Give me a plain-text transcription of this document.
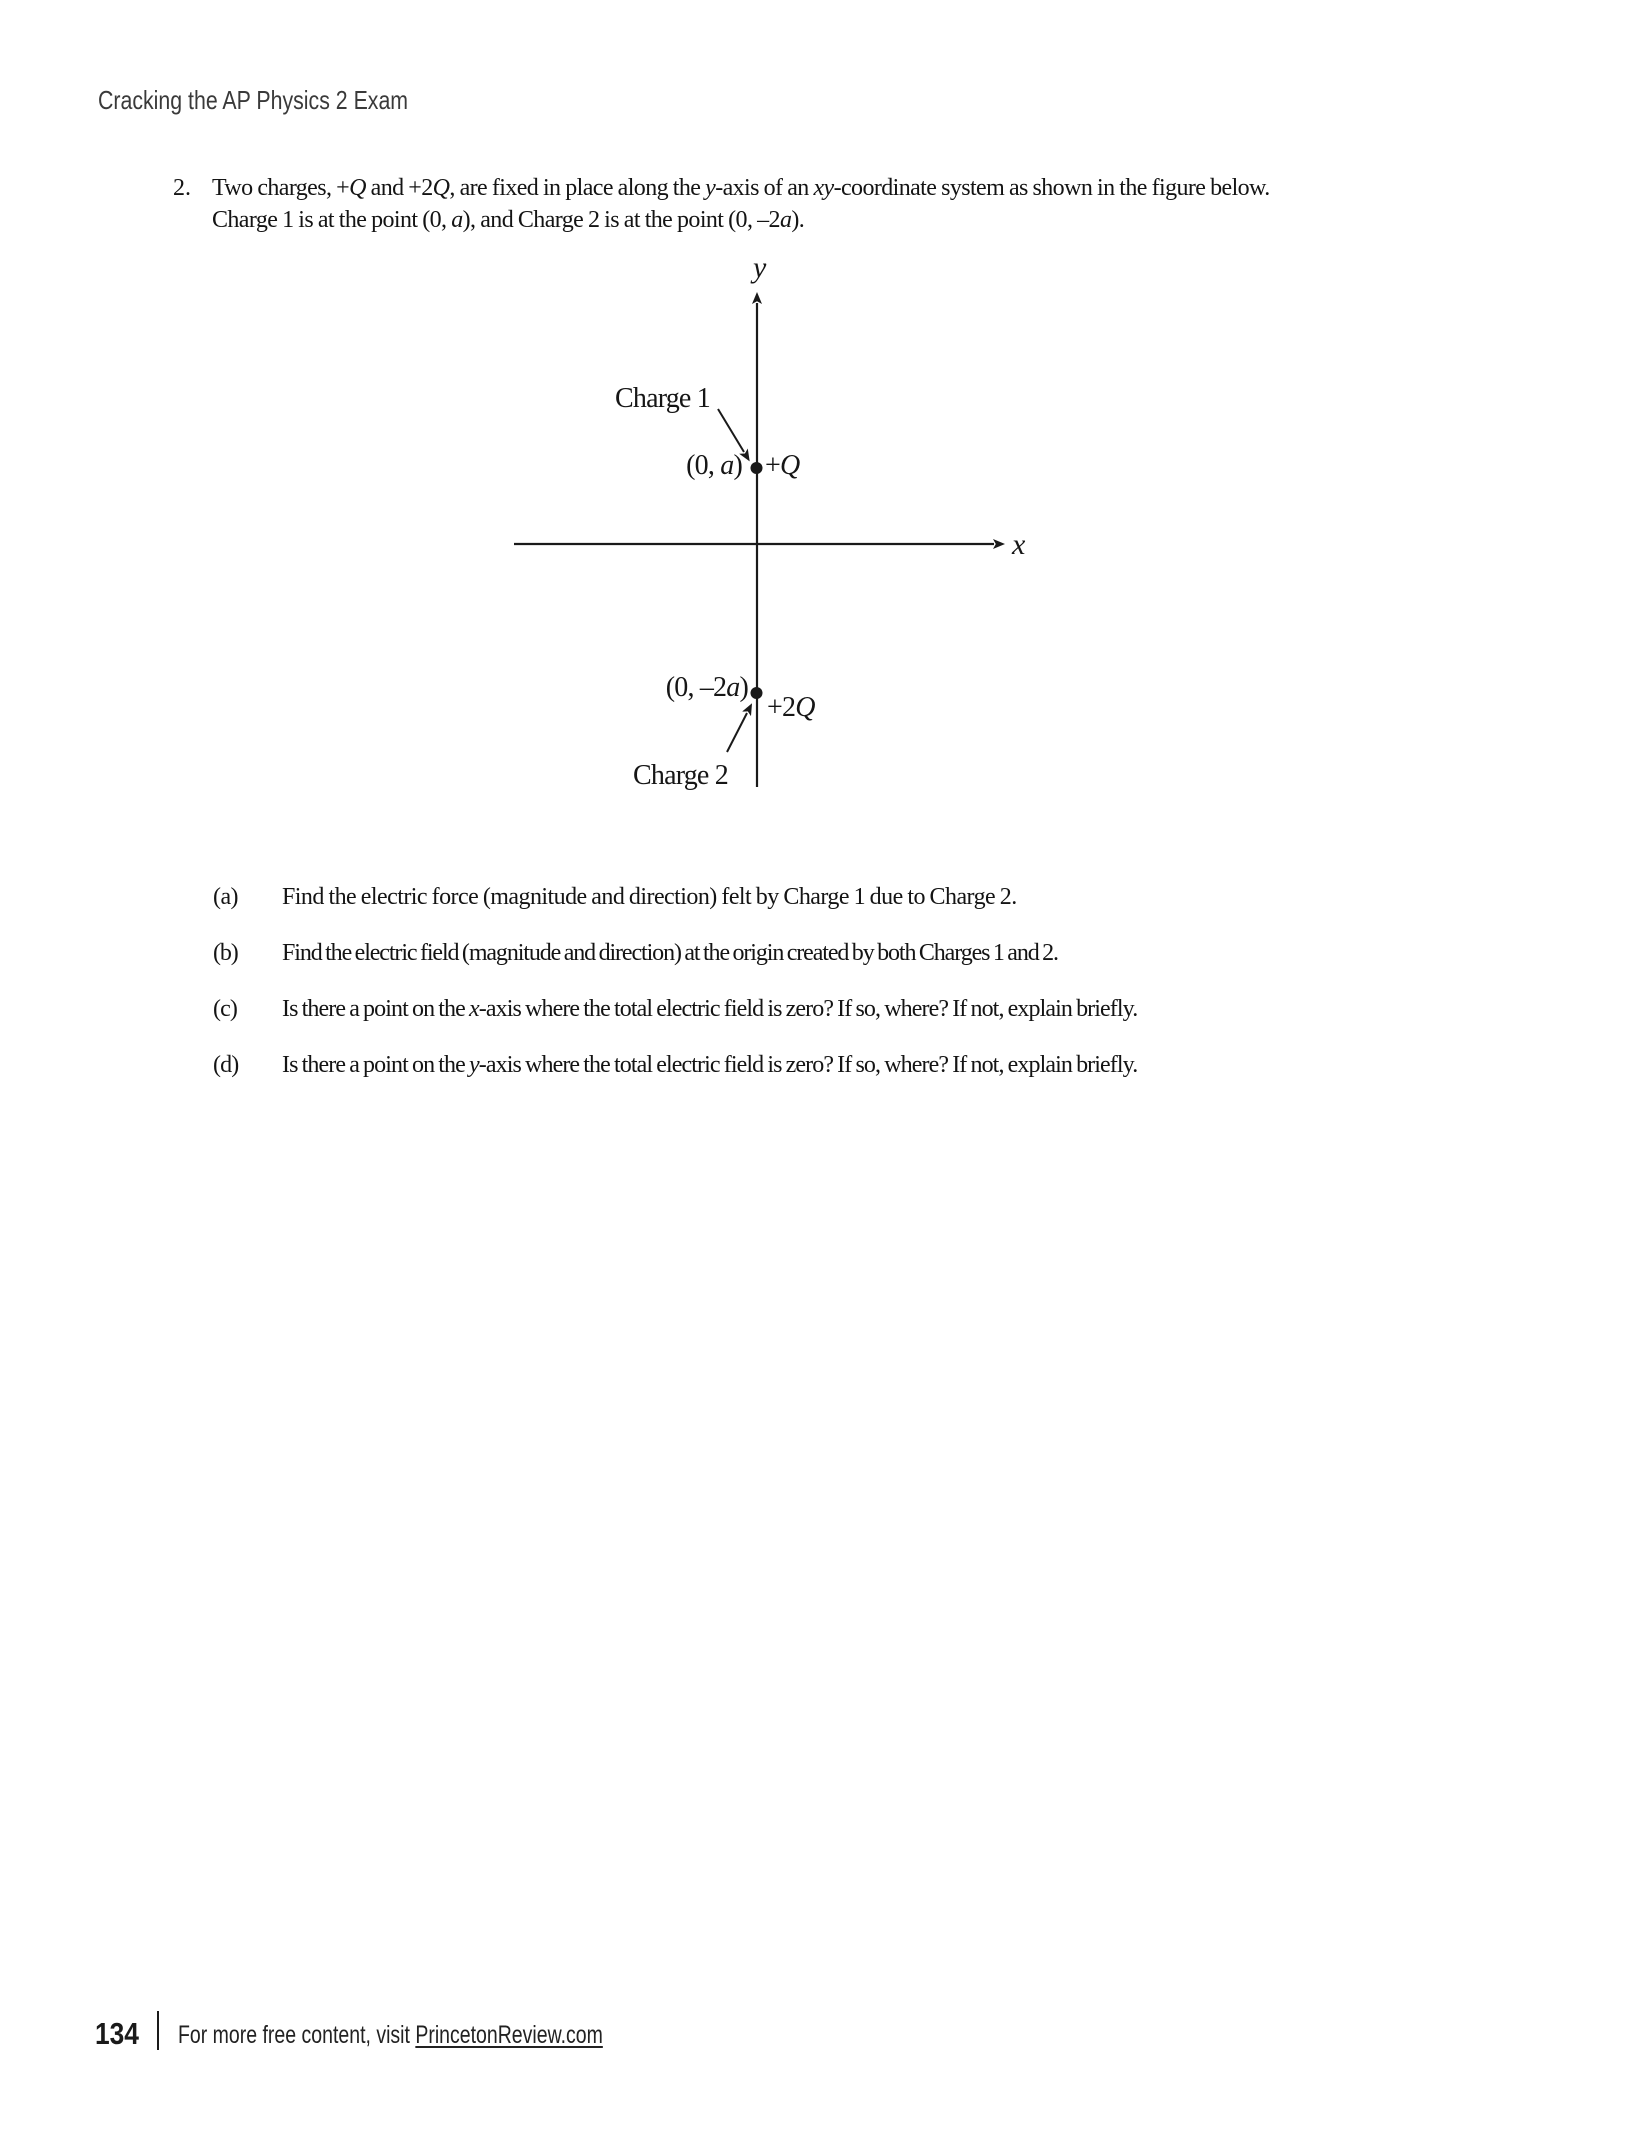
Cracking the AP Physics 2 Exam
2. Two charges, +Q and +2Q, are fixed in place along the y-axis of an xy-coordinate system as shown in the figure below.
Charge 1 is at the point (0, a), and Charge 2 is at the point (0, –2a).
y
x
Charge 1
(0, a) +Q
(0, –2a)
+2Q
Charge 2
(a)	Find the electric force (magnitude and direction) felt by Charge 1 due to Charge 2.
(b)	Find the electric field (magnitude and direction) at the origin created by both Charges 1 and 2.
(c)	Is there a point on the x-axis where the total electric field is zero? If so, where? If not, explain briefly.
(d)	Is there a point on the y-axis where the total electric field is zero? If so, where? If not, explain briefly.
134 For more free content, visit PrincetonReview.com
